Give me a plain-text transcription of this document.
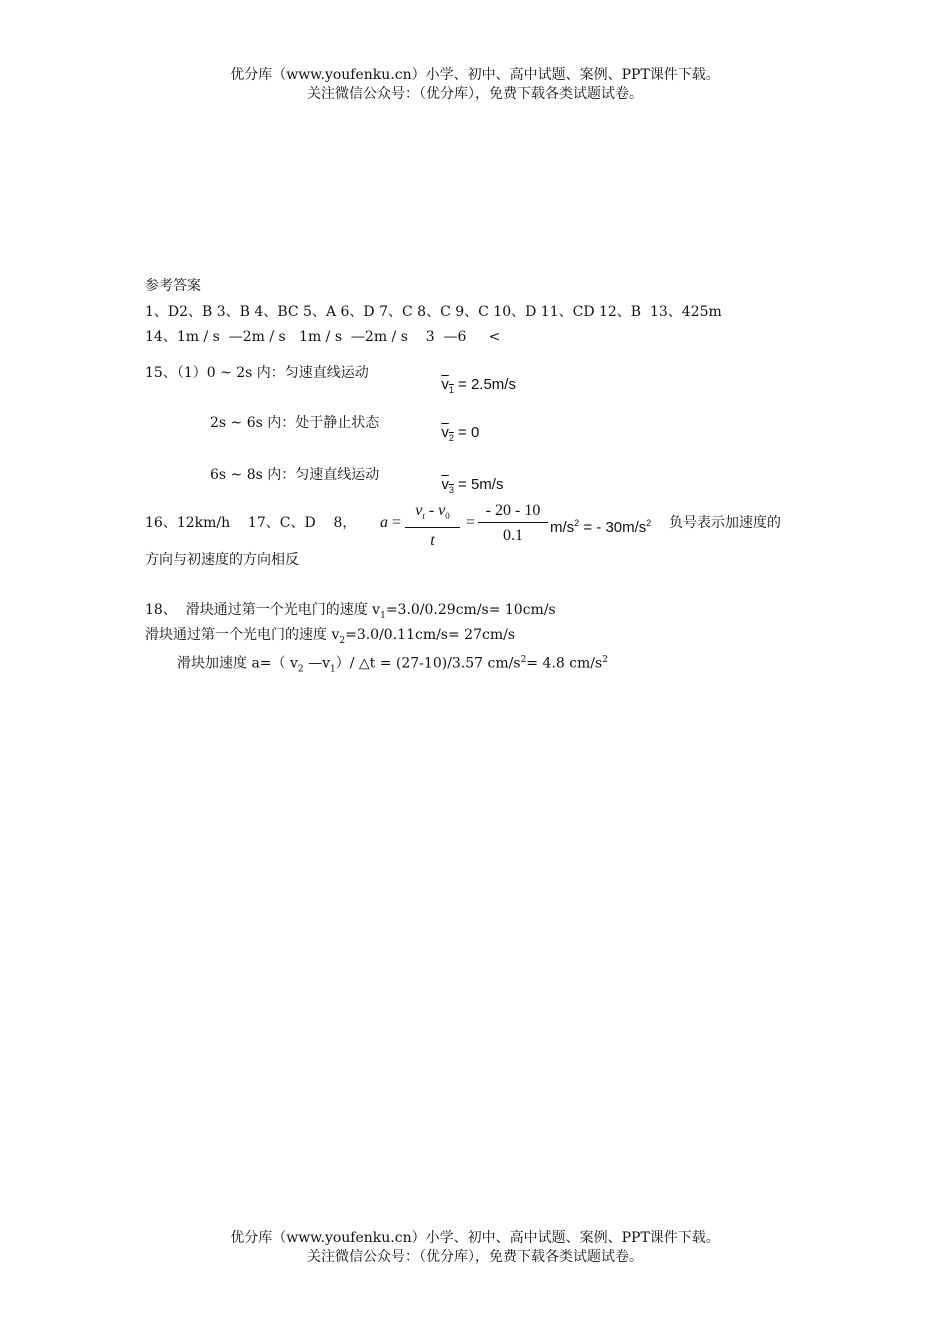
优分库（www.youfenku.cn）小学、初中、高中试题、案例、PPT课件下载。
关注微信公众号：（优分库），免费下载各类试题试卷。
参考答案
1、D2、B 3、B 4、BC 5、A 6、D 7、C 8、C 9、C 10、D 11、CD 12、B  13、425m
14、1m / s  —2m / s   1m / s  —2m / s    3  —6     <
15、（1）0 ~ 2s 内：匀速直线运动

$v_1 = 2.5m/s$

2s ~ 6s 内：处于静止状态

$v_2 = 0$

6s ~ 8s 内：匀速直线运动

$v_3 = 5m/s$

16、12km/h    17、C、D    8， $a = \frac{v_t - v_0}{t} = \frac{- 20 - 10}{0.1} m/s^2$ = - $30m/s^2$ 负号表示加速度的
方向与初速度的方向相反
18、  滑块通过第一个光电门的速度 $v_1=3.0/0.29cm/s= 10cm/s$
滑块通过第一个光电门的速度 $v_2=3.0/0.11cm/s= 27cm/s$
滑块加速度 a=（ $v_2$ $—v_1)/$ △t = (27-10)/3.57 $cm/s^2= 4.8$ $cm/s^2$
优分库（www.youfenku.cn）小学、初中、高中试题、案例、PPT课件下载。
关注微信公众号：（优分库），免费下载各类试题试卷。
